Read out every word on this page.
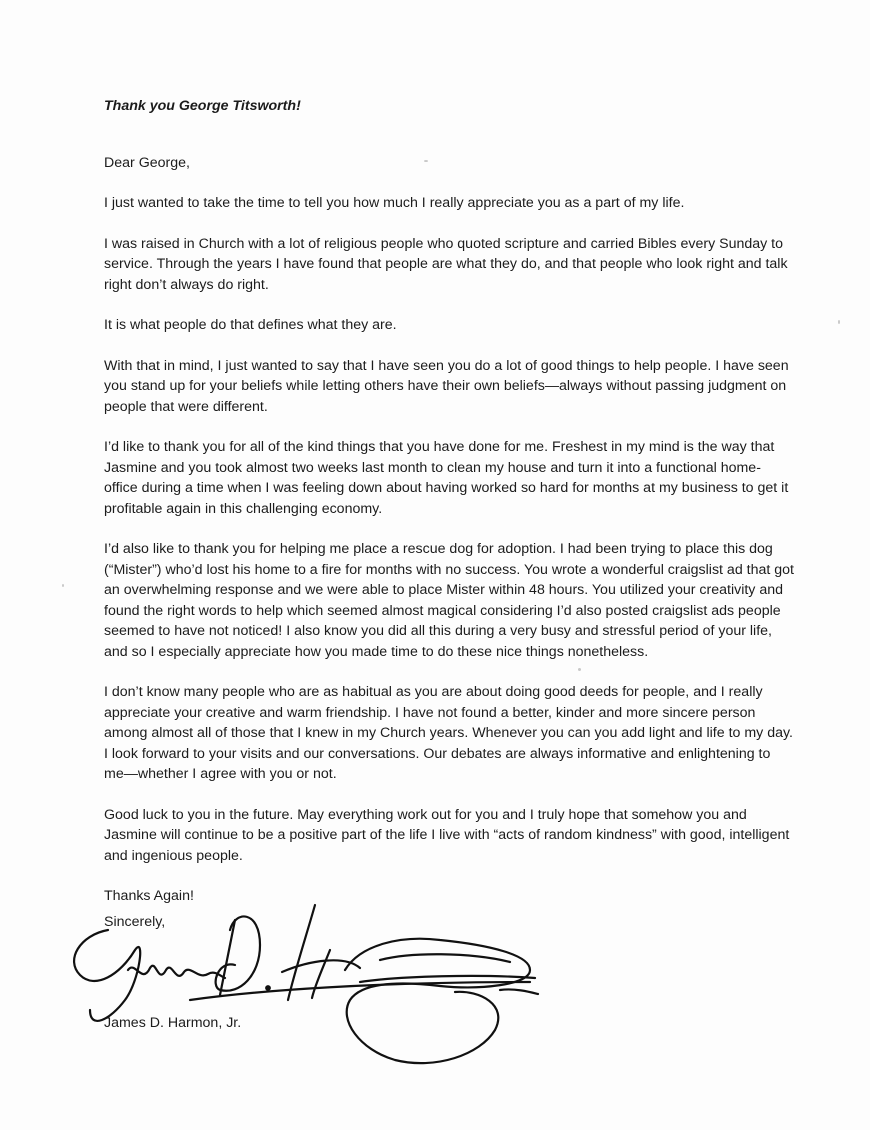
Thank you George Titsworth!

Dear George,

I just wanted to take the time to tell you how much I really appreciate you as a part of my life.

I was raised in Church with a lot of religious people who quoted scripture and carried Bibles every Sunday to service. Through the years I have found that people are what they do, and that people who look right and talk right don’t always do right.

It is what people do that defines what they are.

With that in mind, I just wanted to say that I have seen you do a lot of good things to help people. I have seen you stand up for your beliefs while letting others have their own beliefs—always without passing judgment on people that were different.

I’d like to thank you for all of the kind things that you have done for me. Freshest in my mind is the way that Jasmine and you took almost two weeks last month to clean my house and turn it into a functional home-office during a time when I was feeling down about having worked so hard for months at my business to get it profitable again in this challenging economy.

I’d also like to thank you for helping me place a rescue dog for adoption. I had been trying to place this dog (“Mister”) who’d lost his home to a fire for months with no success. You wrote a wonderful craigslist ad that got an overwhelming response and we were able to place Mister within 48 hours. You utilized your creativity and found the right words to help which seemed almost magical considering I’d also posted craigslist ads people seemed to have not noticed! I also know you did all this during a very busy and stressful period of your life, and so I especially appreciate how you made time to do these nice things nonetheless.

I don’t know many people who are as habitual as you are about doing good deeds for people, and I really appreciate your creative and warm friendship. I have not found a better, kinder and more sincere person among almost all of those that I knew in my Church years. Whenever you can you add light and life to my day. I look forward to your visits and our conversations. Our debates are always informative and enlightening to me—whether I agree with you or not.

Good luck to you in the future. May everything work out for you and I truly hope that somehow you and Jasmine will continue to be a positive part of the life I live with “acts of random kindness” with good, intelligent and ingenious people.

Thanks Again!

Sincerely,

James D. Harmon, Jr.
